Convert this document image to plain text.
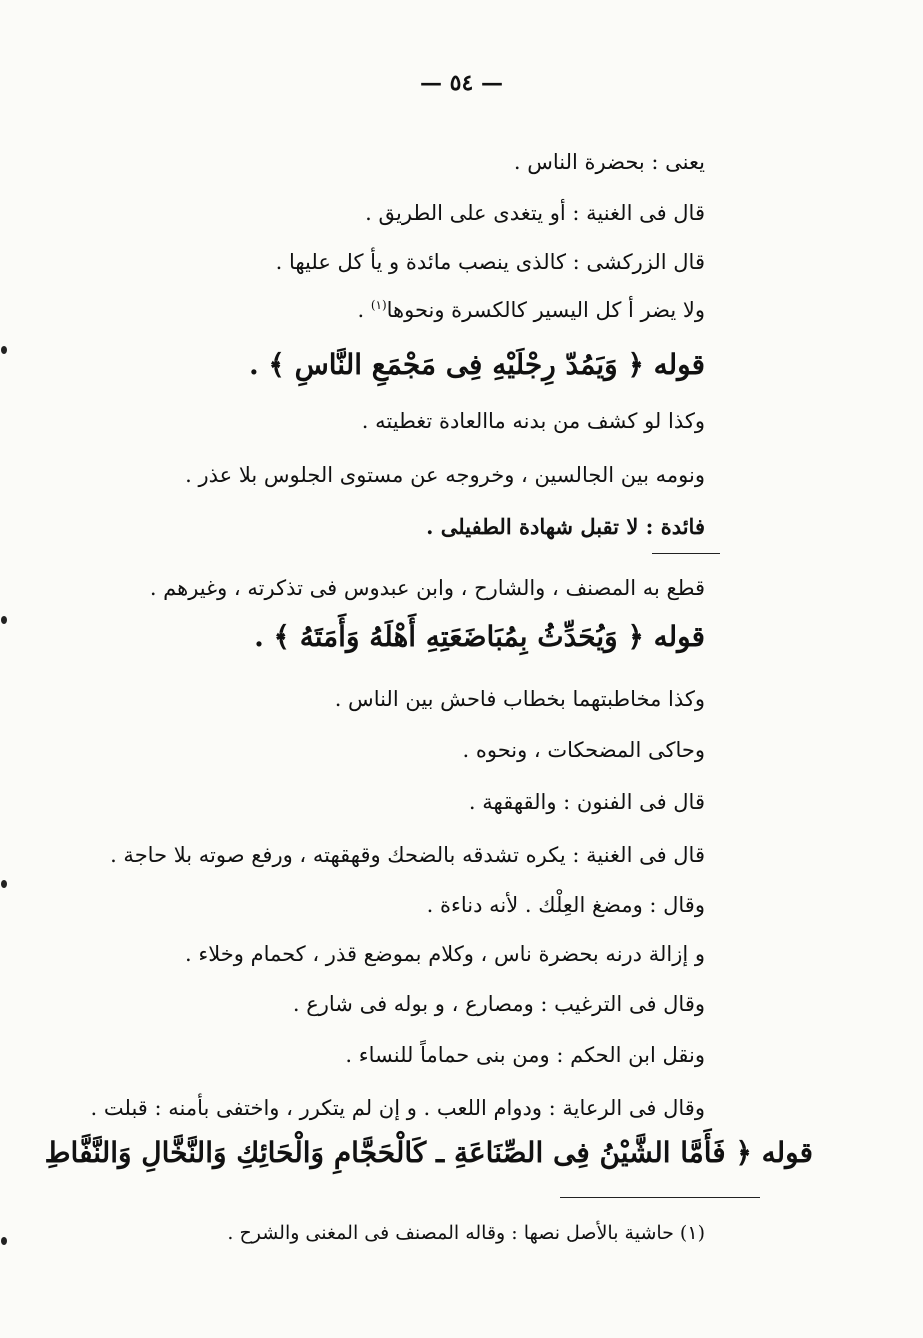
— ٥٤ —
يعنى : بحضرة الناس .
قال فى الغنية : أو يتغدى على الطريق .
قال الزركشى : كالذى ينصب مائدة و يأ كل عليها .
ولا يضر أ كل اليسير كالكسرة ونحوها$^{(١)}$ .
قوله ﴿ وَيَمُدّ رِجْلَيْهِ فِى مَجْمَعِ النَّاسِ ﴾ .
وكذا لو كشف من بدنه ماالعادة تغطيته .
ونومه بين الجالسين ، وخروجه عن مستوى الجلوس بلا عذر .
فائدة : لا تقبل شهادة الطفيلى .
قطع به المصنف ، والشارح ، وابن عبدوس فى تذكرته ، وغيرهم .
قوله ﴿ وَيُحَدِّثُ بِمُبَاضَعَتِهِ أَهْلَهُ وَأَمَتَهُ ﴾ .
وكذا مخاطبتهما بخطاب فاحش بين الناس .
وحاكى المضحكات ، ونحوه .
قال فى الفنون : والقهقهة .
قال فى الغنية : يكره تشدقه بالضحك وقهقهته ، ورفع صوته بلا حاجة .
وقال : ومضغ العِلْك . لأنه دناءة .
و إزالة درنه بحضرة ناس ، وكلام بموضع قذر ، كحمام وخلاء .
وقال فى الترغيب : ومصارع ، و بوله فى شارع .
ونقل ابن الحكم : ومن بنى حماماً للنساء .
وقال فى الرعاية : ودوام اللعب . و إن لم يتكرر ، واختفى بأمنه : قبلت .
قوله ﴿ فَأَمَّا الشَّيْنُ فِى الصِّنَاعَةِ ـ كَالْحَجَّامِ وَالْحَائِكِ وَالنَّخَّالِ وَالنَّفَّاطِ
(١) حاشية بالأصل نصها : وقاله المصنف فى المغنى والشرح .
